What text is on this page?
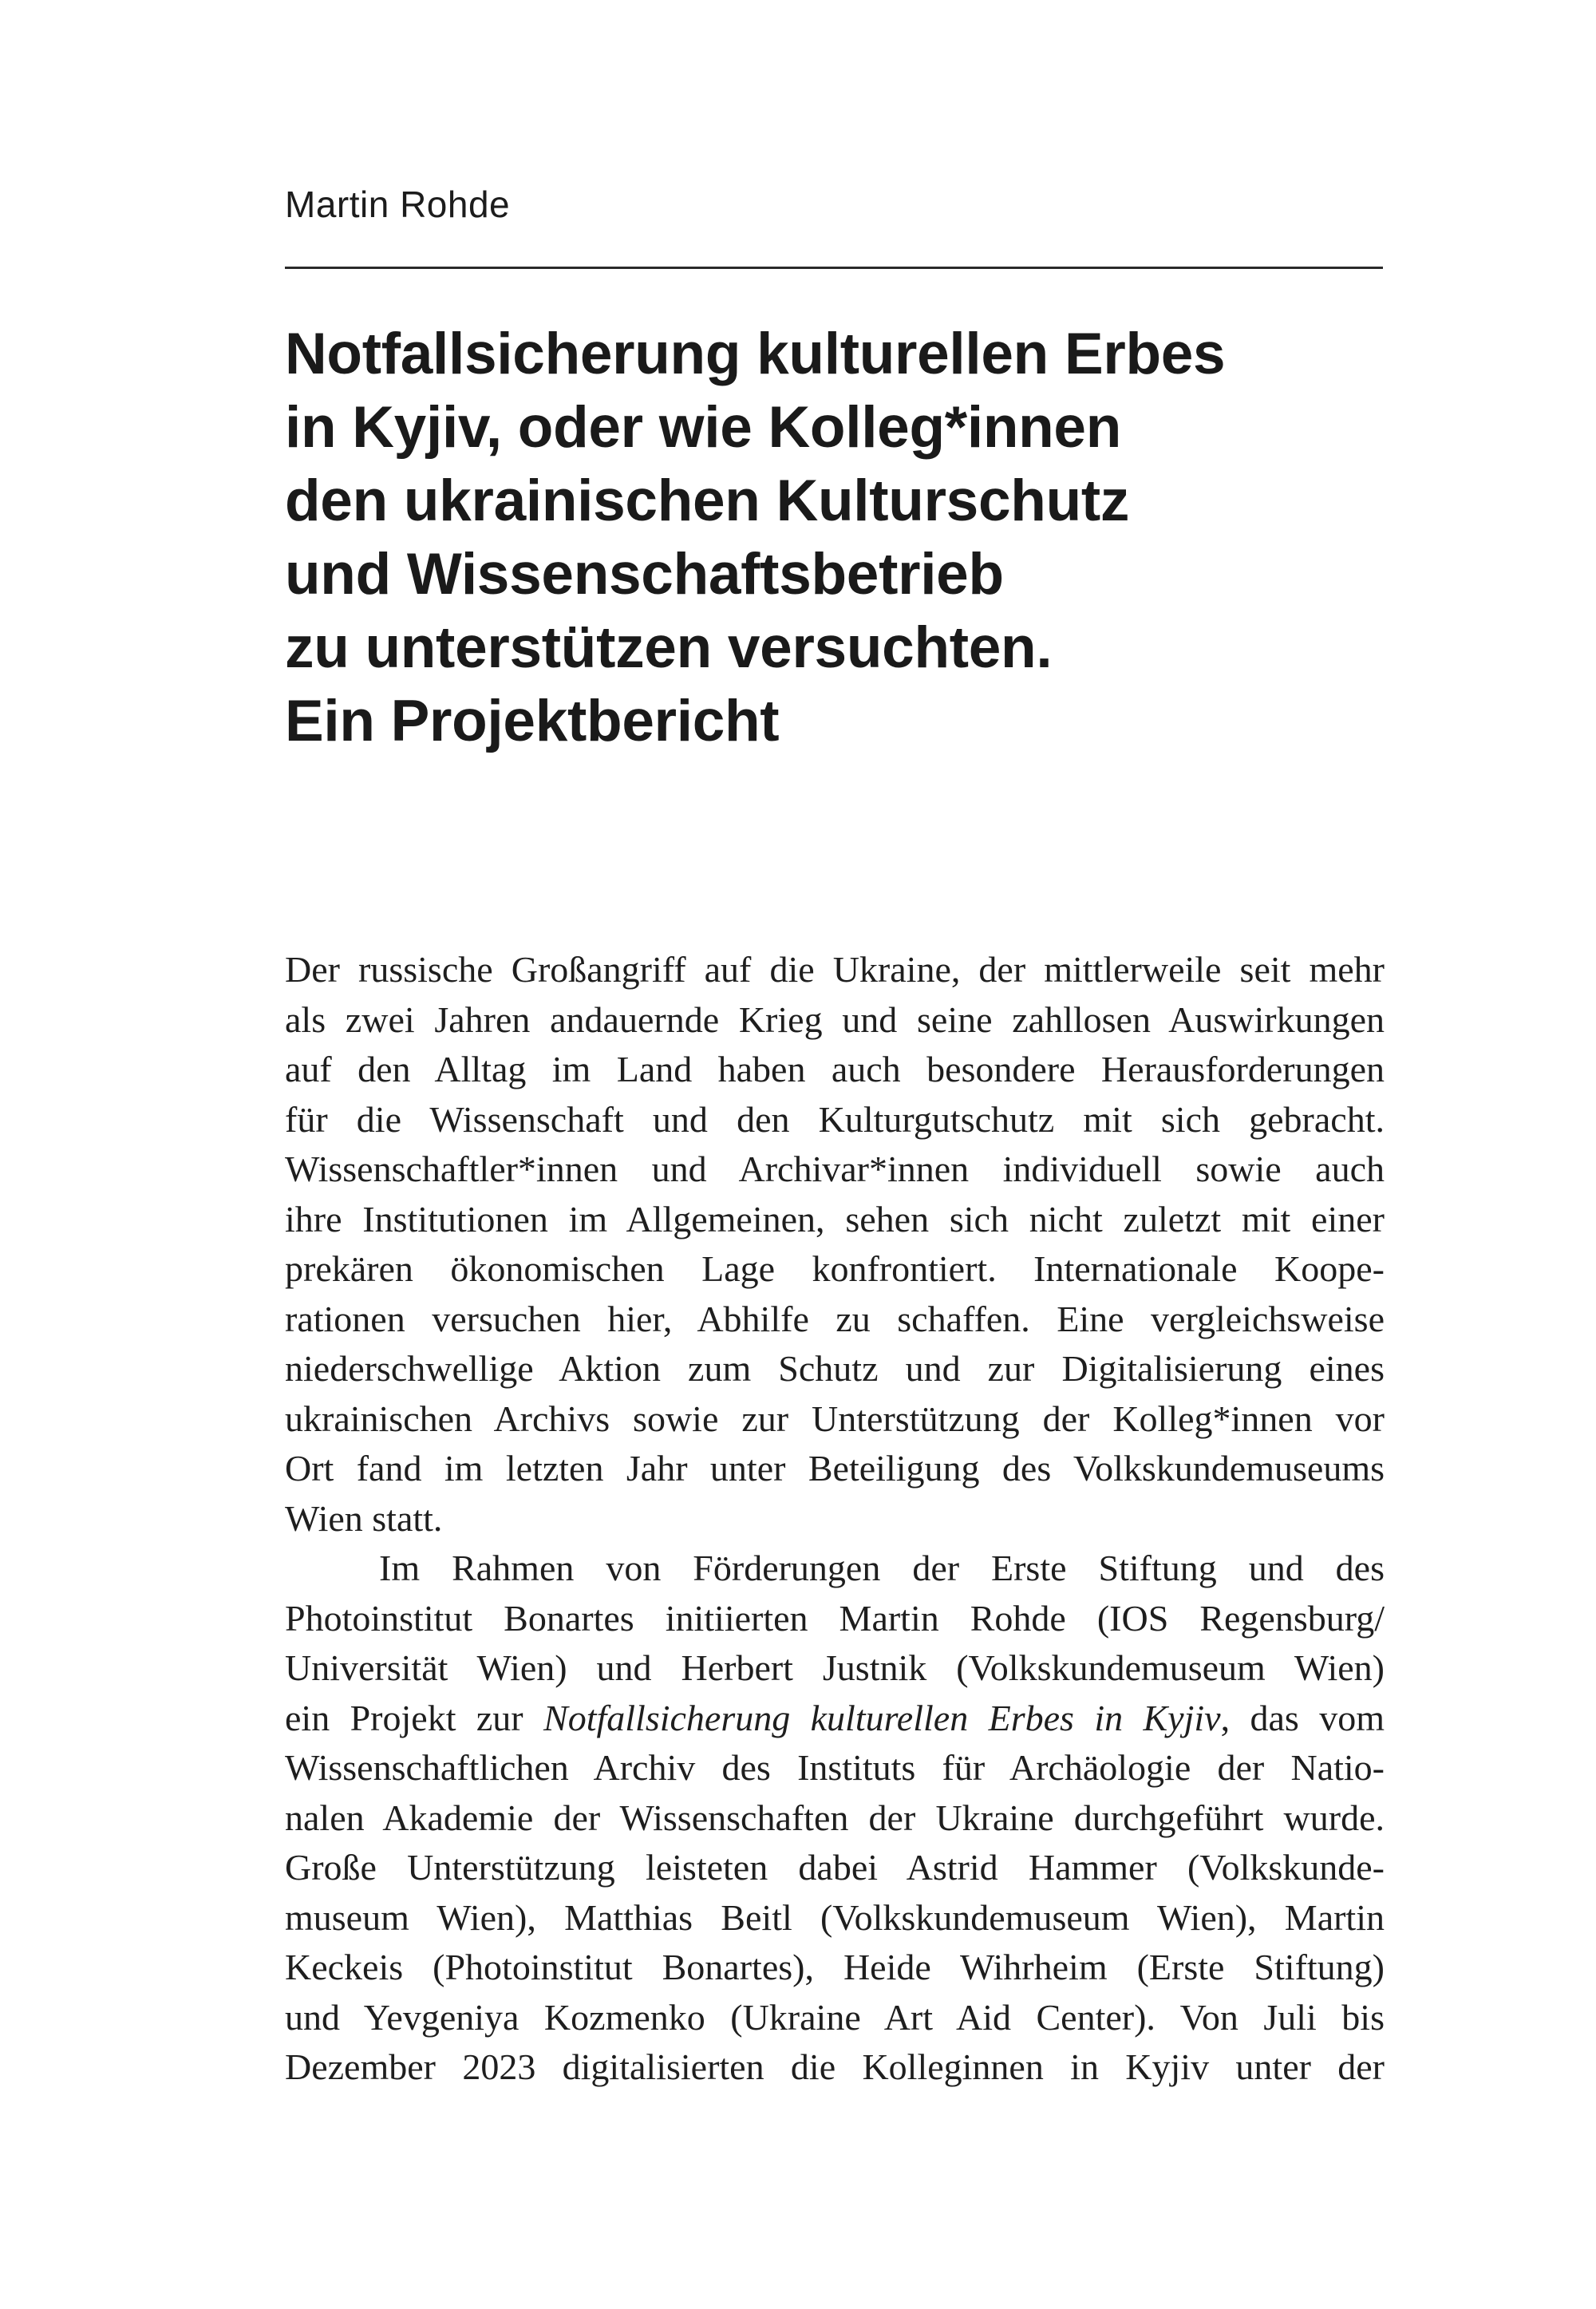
Martin Rohde
Notfallsicherung kulturellen Erbes
in Kyjiv, oder wie Kolleg*innen
den ukrainischen Kulturschutz
und Wissenschaftsbetrieb
zu unterstützen versuchten.
Ein Projektbericht
Der russische Großangriff auf die Ukraine, der mittlerweile seit mehr
als zwei Jahren andauernde Krieg und seine zahllosen Auswirkungen
auf den Alltag im Land haben auch besondere Herausforderungen
für die Wissenschaft und den Kulturgutschutz mit sich gebracht.
Wissenschaftler*innen und Archivar*innen individuell sowie auch
ihre Institutionen im Allgemeinen, sehen sich nicht zuletzt mit einer
prekären ökonomischen Lage konfrontiert. Internationale Koope-
rationen versuchen hier, Abhilfe zu schaffen. Eine vergleichsweise
niederschwellige Aktion zum Schutz und zur Digitalisierung eines
ukrainischen Archivs sowie zur Unterstützung der Kolleg*innen vor
Ort fand im letzten Jahr unter Beteiligung des Volkskundemuseums
Wien statt.
Im Rahmen von Förderungen der Erste Stiftung und des
Photoinstitut Bonartes initiierten Martin Rohde (IOS Regensburg/
Universität Wien) und Herbert Justnik (Volkskundemuseum Wien)
ein Projekt zur Notfallsicherung kulturellen Erbes in Kyjiv, das vom
Wissenschaftlichen Archiv des Instituts für Archäologie der Natio-
nalen Akademie der Wissenschaften der Ukraine durchgeführt wurde.
Große Unterstützung leisteten dabei Astrid Hammer (Volkskunde-
museum Wien), Matthias Beitl (Volkskundemuseum Wien), Martin
Keckeis (Photoinstitut Bonartes), Heide Wihrheim (Erste Stiftung)
und Yevgeniya Kozmenko (Ukraine Art Aid Center). Von Juli bis
Dezember 2023 digitalisierten die Kolleginnen in Kyjiv unter der
